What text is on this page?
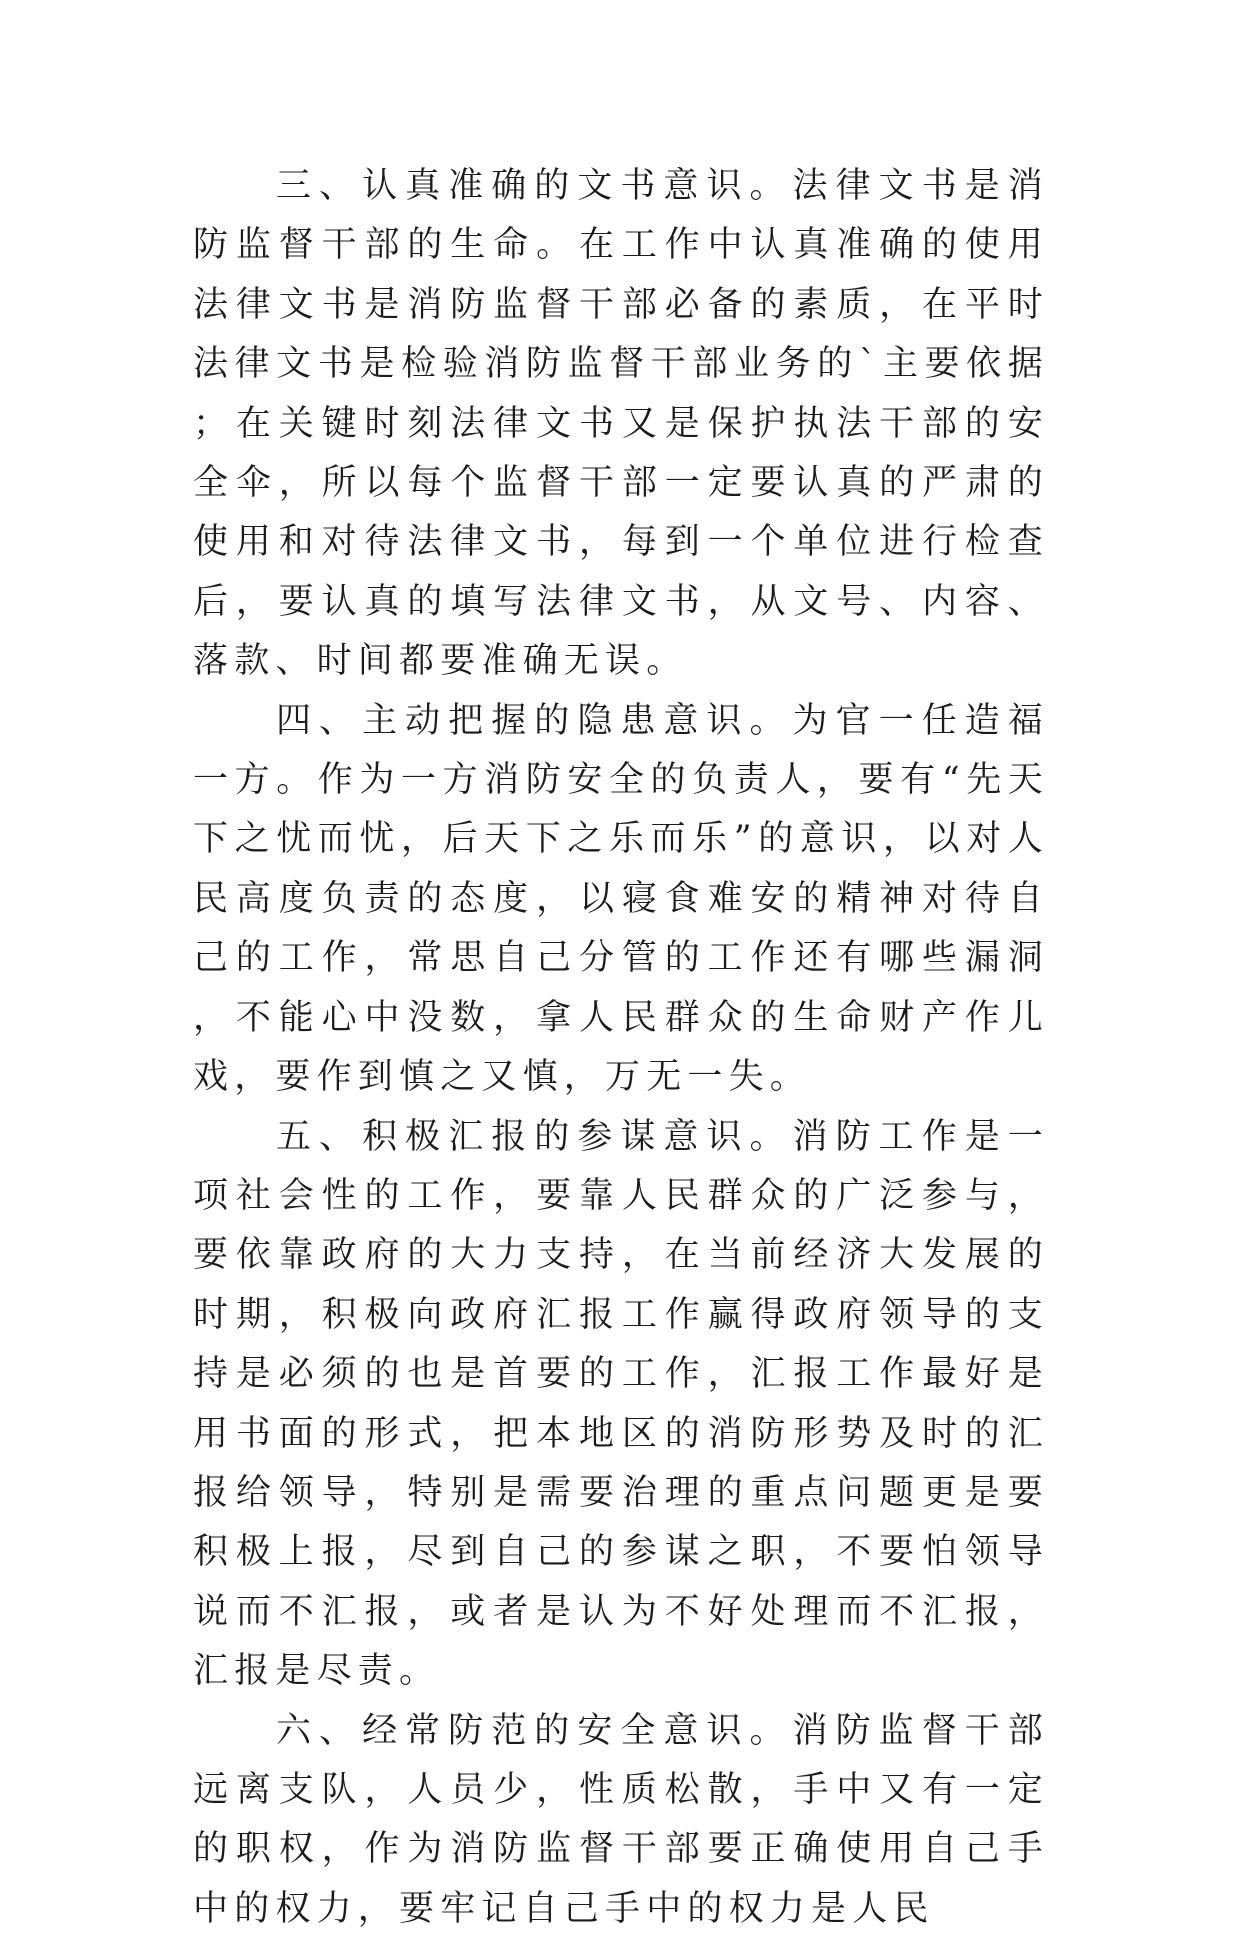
三、认真准确的文书意识。法律文书是消防监督干部的生命。在工作中认真准确的使用法律文书是消防监督干部必备的素质，在平时法律文书是检验消防监督干部业务的`主要依据；在关键时刻法律文书又是保护执法干部的安全伞，所以每个监督干部一定要认真的严肃的使用和对待法律文书，每到一个单位进行检查后，要认真的填写法律文书，从文号、内容、落款、时间都要准确无误。

四、主动把握的隐患意识。为官一任造福一方。作为一方消防安全的负责人，要有“先天下之忧而忧，后天下之乐而乐”的意识，以对人民高度负责的态度，以寝食难安的精神对待自己的工作，常思自己分管的工作还有哪些漏洞，不能心中没数，拿人民群众的生命财产作儿戏，要作到慎之又慎，万无一失。

五、积极汇报的参谋意识。消防工作是一项社会性的工作，要靠人民群众的广泛参与，要依靠政府的大力支持，在当前经济大发展的时期，积极向政府汇报工作赢得政府领导的支持是必须的也是首要的工作，汇报工作最好是用书面的形式，把本地区的消防形势及时的汇报给领导，特别是需要治理的重点问题更是要积极上报，尽到自己的参谋之职，不要怕领导说而不汇报，或者是认为不好处理而不汇报，汇报是尽责。

六、经常防范的安全意识。消防监督干部远离支队，人员少，性质松散，手中又有一定的职权，作为消防监督干部要正确使用自己手中的权力，要牢记自己手中的权力是人民
